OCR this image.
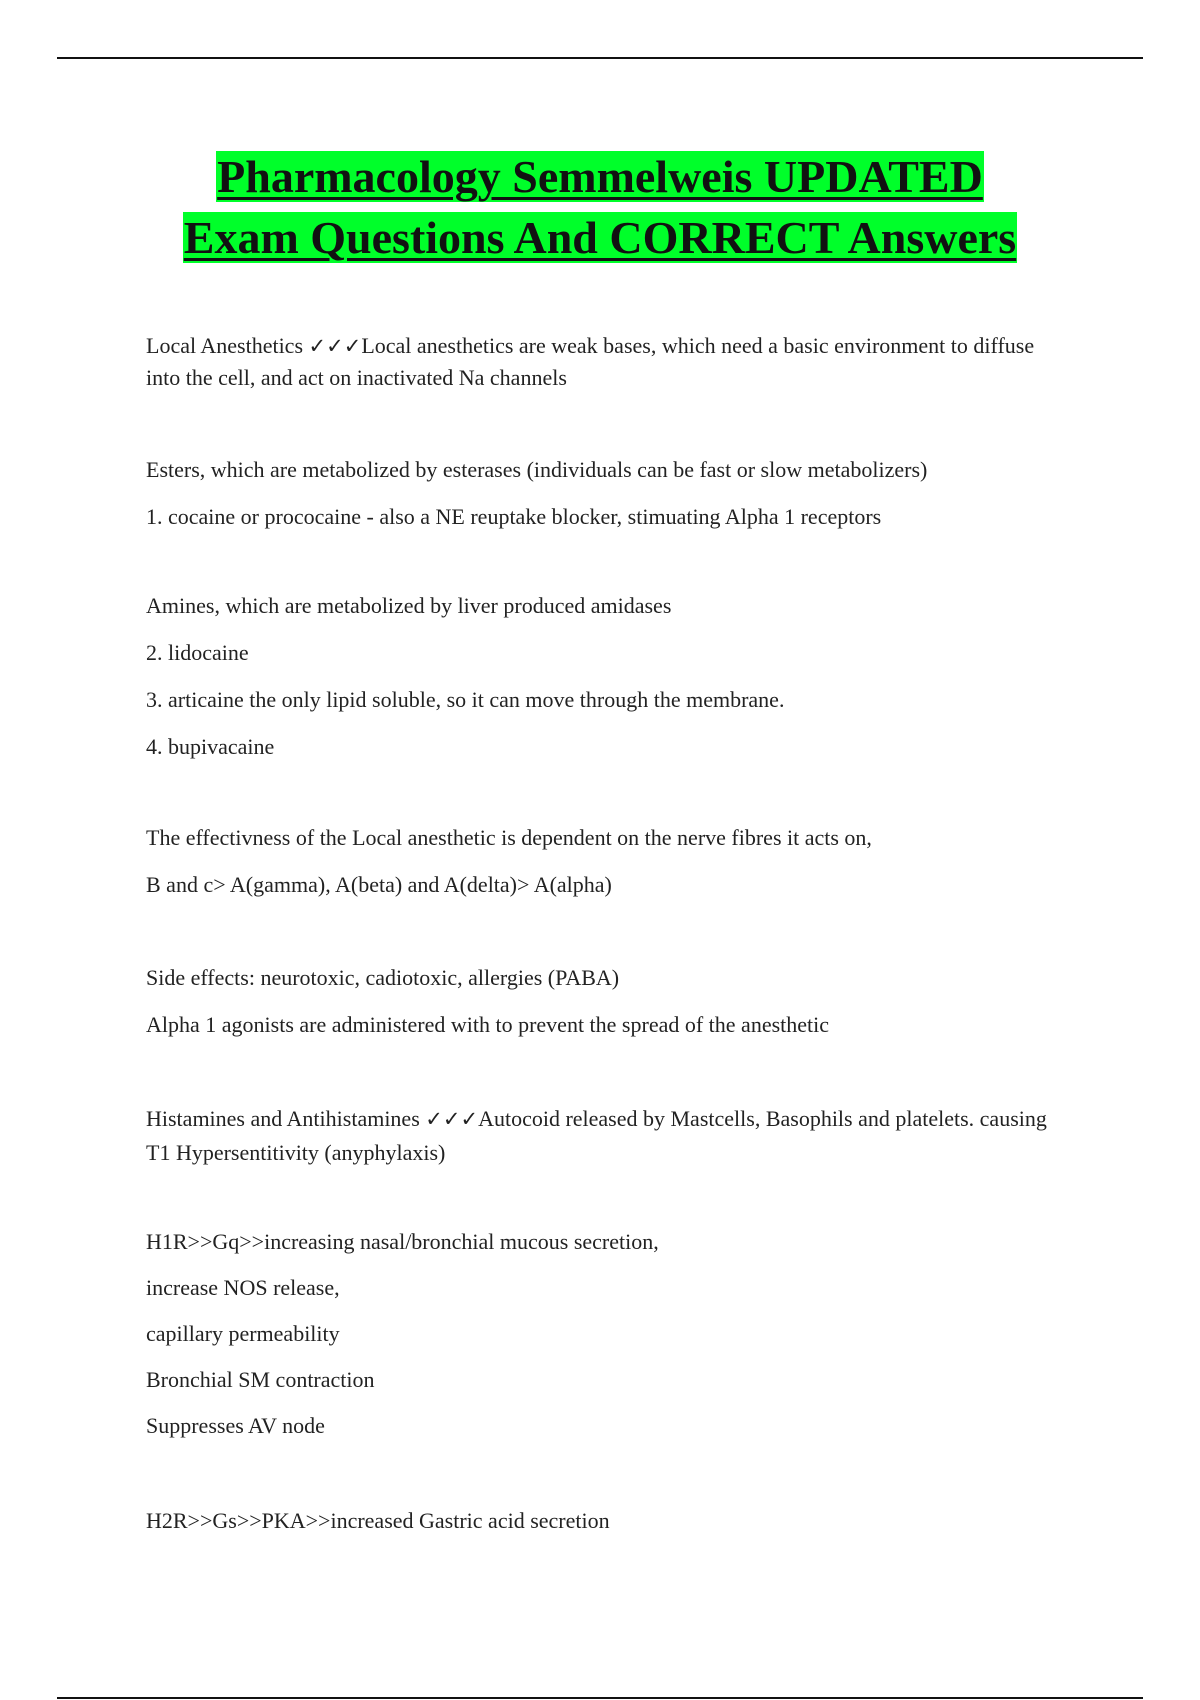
Pharmacology Semmelweis UPDATED
Exam Questions And CORRECT Answers

Local Anesthetics ✓✓✓Local anesthetics are weak bases, which need a basic environment to diffuse into the cell, and act on inactivated Na channels

Esters, which are metabolized by esterases (individuals can be fast or slow metabolizers)

1. cocaine or prococaine - also a NE reuptake blocker, stimuating Alpha 1 receptors

Amines, which are metabolized by liver produced amidases

2. lidocaine

3. articaine the only lipid soluble, so it can move through the membrane.

4. bupivacaine

The effectivness of the Local anesthetic is dependent on the nerve fibres it acts on,

B and c> A(gamma), A(beta) and A(delta)> A(alpha)

Side effects: neurotoxic, cadiotoxic, allergies (PABA)

Alpha 1 agonists are administered with to prevent the spread of the anesthetic

Histamines and Antihistamines ✓✓✓Autocoid released by Mastcells, Basophils and platelets. causing T1 Hypersentitivity (anyphylaxis)

H1R>>Gq>>increasing nasal/bronchial mucous secretion,

increase NOS release,

capillary permeability

Bronchial SM contraction

Suppresses AV node

H2R>>Gs>>PKA>>increased Gastric acid secretion
